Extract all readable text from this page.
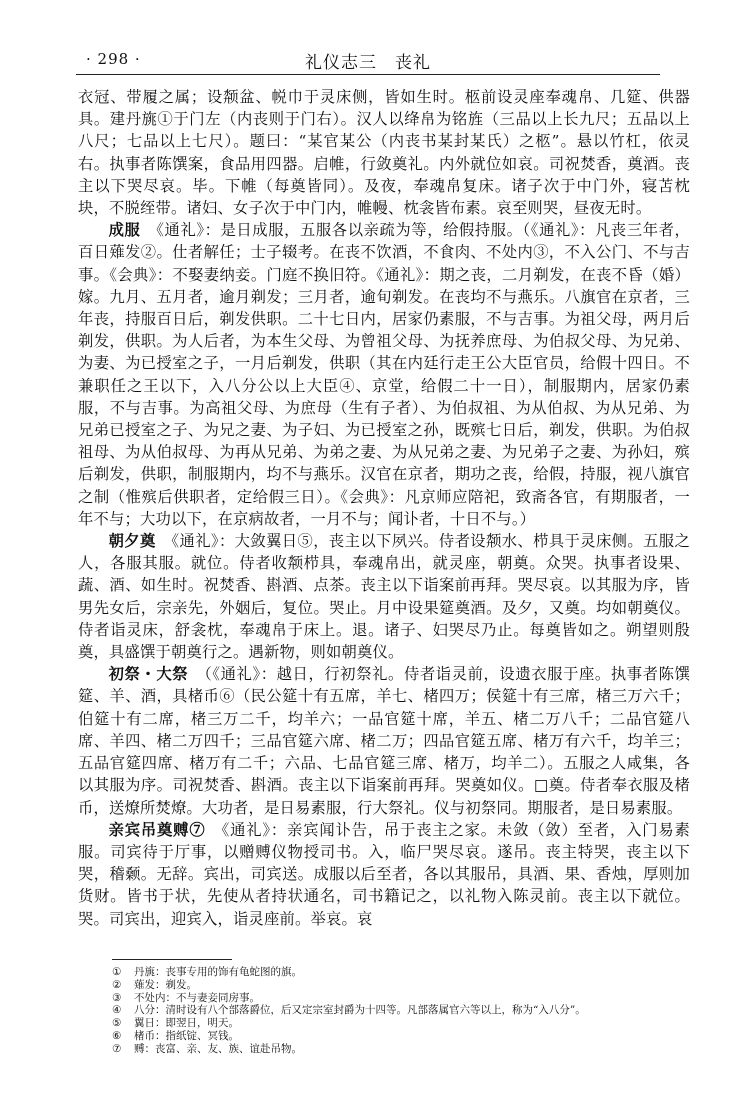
· 298 ·	礼仪志三　丧礼

衣冠、带履之属；设颒盆、帨巾于灵床侧，皆如生时。柩前设灵座奉魂帛、几筵、供器具。建丹旐①于门左（内丧则于门右）。汉人以绛帛为铭旌（三品以上长九尺；五品以上八尺；七品以上七尺）。题曰：“某官某公（内丧书某封某氏）之柩”。悬以竹杠，依灵右。执事者陈馔案，食品用四器。启帷，行敛奠礼。内外就位如哀。司祝焚香，奠酒。丧主以下哭尽哀。毕。下帷（每奠皆同）。及夜，奉魂帛复床。诸子次于中门外，寝苫枕块，不脱绖带。诸妇、女子次于中门内，帷幔、枕衾皆布素。哀至则哭，昼夜无时。

成服　 《通礼》：是日成服，五服各以亲疏为等，给假持服。（《通礼》：凡丧三年者，百日薙发②。仕者解任；士子辍考。在丧不饮酒，不食肉、不处内③，不入公门、不与吉事。《会典》：不娶妻纳妾。门庭不换旧符。《通礼》：期之丧，二月剃发，在丧不昏（婚）嫁。九月、五月者，逾月剃发；三月者，逾旬剃发。在丧均不与燕乐。八旗官在京者，三年丧，持服百日后，剃发供职。二十七日内，居家仍素服，不与吉事。为祖父母，两月后剃发，供职。为人后者，为本生父母、为曾祖父母、为抚养庶母、为伯叔父母、为兄弟、为妻、为已授室之子，一月后剃发，供职（其在内廷行走王公大臣官员，给假十四日。不兼职任之王以下，入八分公以上大臣④、京堂，给假二十一日），制服期内，居家仍素服，不与吉事。为高祖父母、为庶母（生有子者）、为伯叔祖、为从伯叔、为从兄弟、为兄弟已授室之子、为兄之妻、为子妇、为已授室之孙，既殡七日后，剃发，供职。为伯叔祖母、为从伯叔母、为再从兄弟、为弟之妻、为从兄弟之妻、为兄弟子之妻、为孙妇，殡后剃发，供职，制服期内，均不与燕乐。汉官在京者，期功之丧，给假，持服，视八旗官之制（惟殡后供职者，定给假三日）。《会典》：凡京师应陪祀，致斋各官，有期服者，一年不与；大功以下，在京病故者，一月不与；闻讣者，十日不与。）

朝夕奠　 《通礼》：大敛翼日⑤，丧主以下夙兴。侍者设颒水、栉具于灵床侧。五服之人，各服其服。就位。侍者收颒栉具，奉魂帛出，就灵座，朝奠。众哭。执事者设果、蔬、酒、如生时。祝焚香、斟酒、点茶。丧主以下诣案前再拜。哭尽哀。以其服为序，皆男先女后，宗亲先，外姻后，复位。哭止。月中设果筵奠酒。及夕，又奠。均如朝奠仪。侍者诣灵床，舒衾枕，奉魂帛于床上。退。诸子、妇哭尽乃止。每奠皆如之。朔望则殷奠，具盛馔于朝奠行之。遇新物，则如朝奠仪。

初祭・大祭　 （《通礼》：越日，行初祭礼。侍者诣灵前，设遗衣服于座。执事者陈馔筵、羊、酒，具楮币⑥（民公筵十有五席，羊七、楮四万；侯筵十有三席，楮三万六千；伯筵十有二席，楮三万二千，均羊六；一品官筵十席，羊五、楮二万八千；二品官筵八席、羊四、楮二万四千；三品官筵六席、楮二万；四品官筵五席、楮万有六千，均羊三；五品官筵四席、楮万有二千；六品、七品官筵三席、楮万，均羊二）。五服之人咸集，各以其服为序。司祝焚香、斟酒。丧主以下诣案前再拜。哭奠如仪。□奠。侍者奉衣服及楮币，送燎所焚燎。大功者，是日易素服，行大祭礼。仪与初祭同。期服者，是日易素服。

亲宾吊奠赙⑦　 《通礼》：亲宾闻讣告，吊于丧主之家。未敛（敛）至者，入门易素服。司宾待于厅事，以赠赙仪物授司书。入，临尸哭尽哀。遂吊。丧主特哭，丧主以下哭，稽颡。无辞。宾出，司宾送。成服以后至者，各以其服吊，具酒、果、香烛，厚则加货财。皆书于状，先使从者持状通名，司书籍记之，以礼物入陈灵前。丧主以下就位。哭。司宾出，迎宾入，诣灵座前。举哀。哀

① 丹旐：丧事专用的饰有龟蛇图的旗。
② 薙发：剃发。
③ 不处内：不与妻妾同房事。
④ 八分：清时设有八个部落爵位，后又定宗室封爵为十四等。凡部落属官六等以上，称为“入八分”。
⑤ 翼日：即翌日，明天。
⑥ 楮币：指纸锭、冥钱。
⑦ 赙：丧富、亲、友、族、谊赴吊物。
